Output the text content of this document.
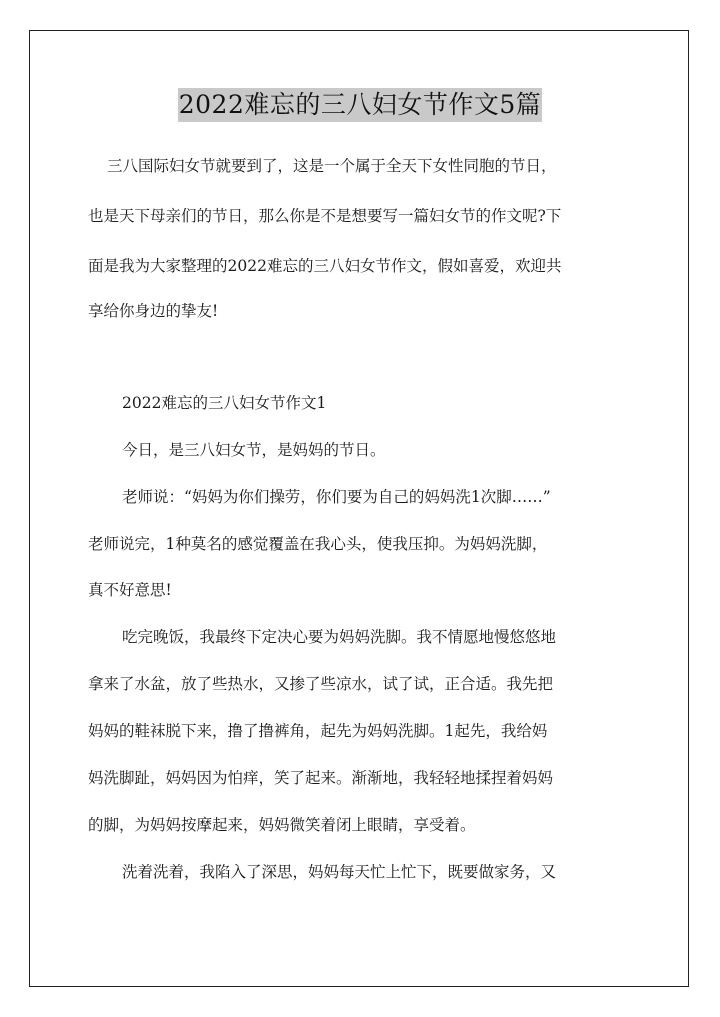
2022难忘的三八妇女节作文5篇
三八国际妇女节就要到了，这是一个属于全天下女性同胞的节日，
也是天下母亲们的节日，那么你是不是想要写一篇妇女节的作文呢?下
面是我为大家整理的2022难忘的三八妇女节作文，假如喜爱，欢迎共
享给你身边的挚友!
2022难忘的三八妇女节作文1
今日，是三八妇女节，是妈妈的节日。
老师说：“妈妈为你们操劳，你们要为自己的妈妈洗1次脚……”
老师说完，1种莫名的感觉覆盖在我心头，使我压抑。为妈妈洗脚，
真不好意思!
吃完晚饭，我最终下定决心要为妈妈洗脚。我不情愿地慢悠悠地
拿来了水盆，放了些热水，又掺了些凉水，试了试，正合适。我先把
妈妈的鞋袜脱下来，撸了撸裤角，起先为妈妈洗脚。1起先，我给妈
妈洗脚趾，妈妈因为怕痒，笑了起来。渐渐地，我轻轻地揉捏着妈妈
的脚，为妈妈按摩起来，妈妈微笑着闭上眼睛，享受着。
洗着洗着，我陷入了深思，妈妈每天忙上忙下，既要做家务，又
